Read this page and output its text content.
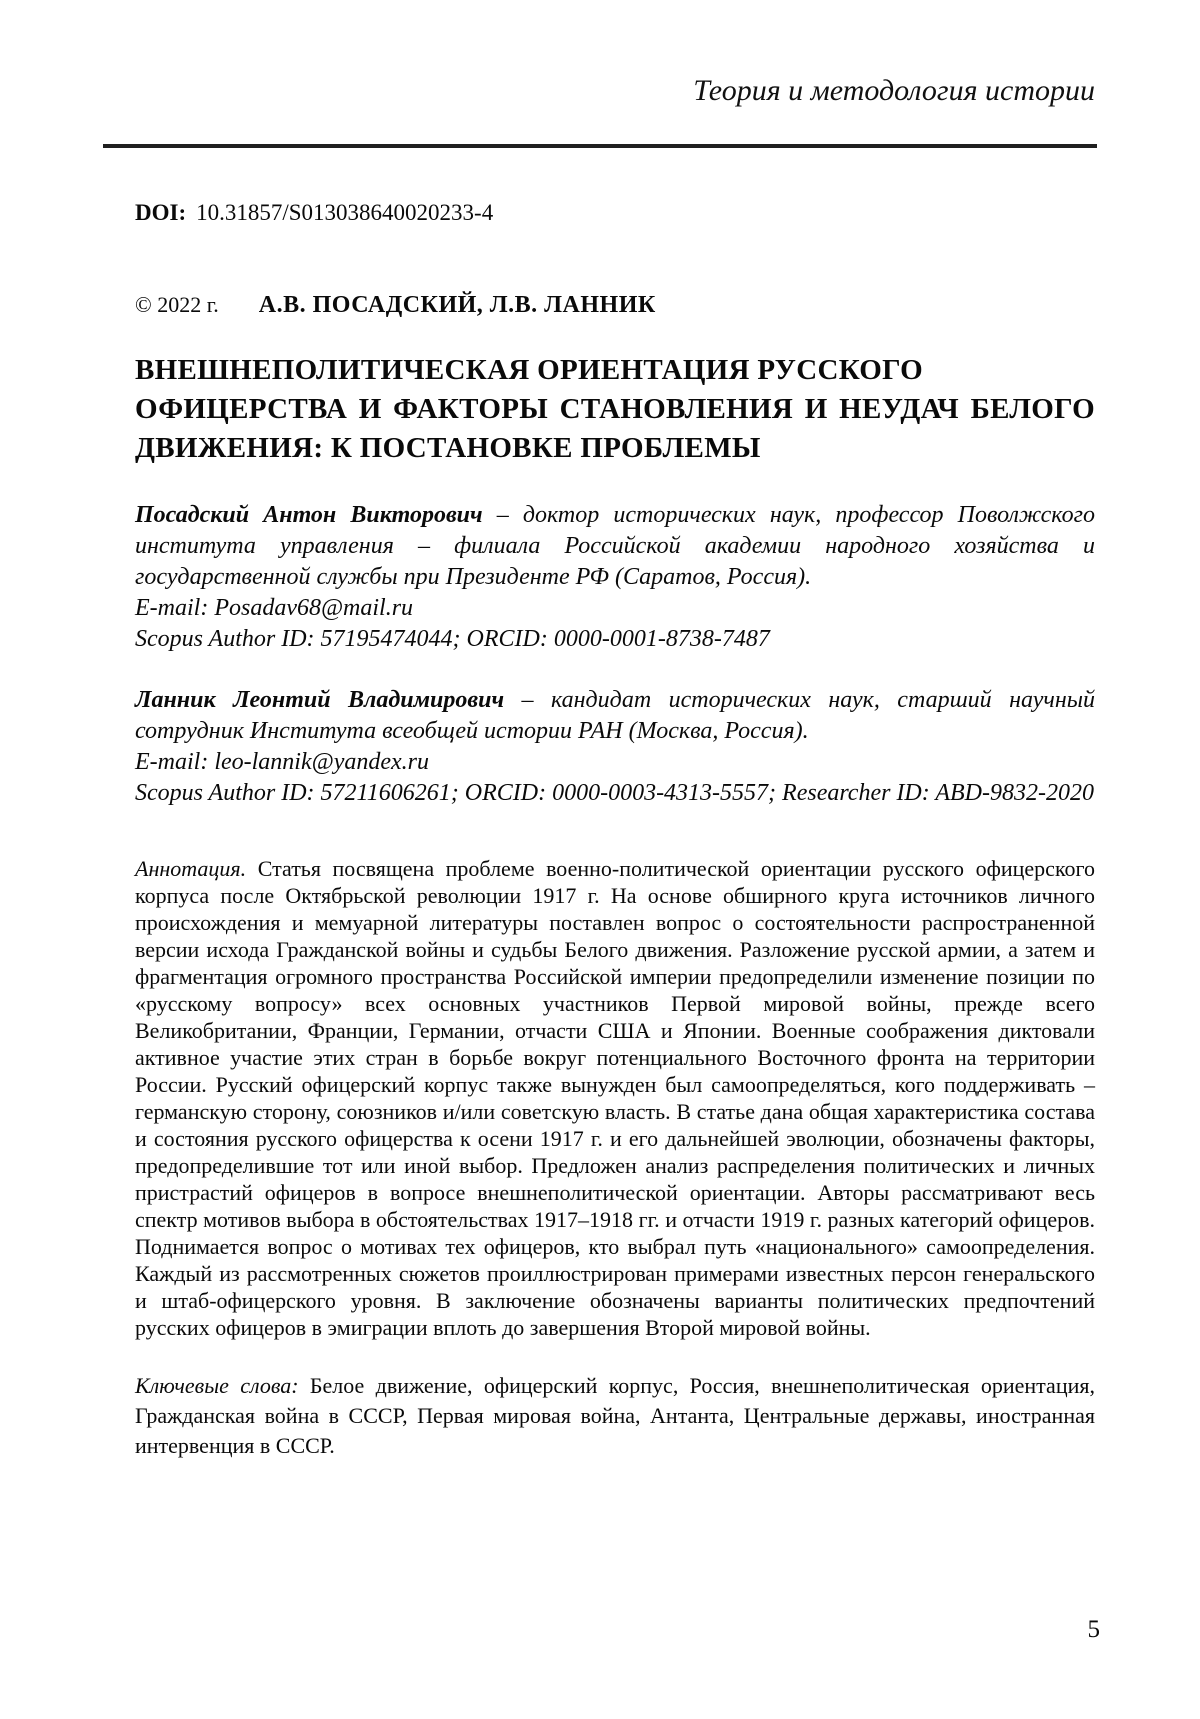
Теория и методология истории

DOI: 10.31857/S013038640020233-4

© 2022 г. А.В. ПОСАДСКИЙ, Л.В. ЛАННИК

ВНЕШНЕПОЛИТИЧЕСКАЯ ОРИЕНТАЦИЯ РУССКОГО
ОФИЦЕРСТВА И ФАКТОРЫ СТАНОВЛЕНИЯ И НЕУДАЧ БЕЛОГО
ДВИЖЕНИЯ: К ПОСТАНОВКЕ ПРОБЛЕМЫ

Посадский Антон Викторович – доктор исторических наук, профессор Поволжского института управления – филиала Российской академии народного хозяйства и государственной службы при Президенте РФ (Саратов, Россия).

E-mail: Posadav68@mail.ru

Scopus Author ID: 57195474044; ORCID: 0000-0001-8738-7487

Ланник Леонтий Владимирович – кандидат исторических наук, старший научный сотрудник Института всеобщей истории РАН (Москва, Россия).

E-mail: leo-lannik@yandex.ru

Scopus Author ID: 57211606261; ORCID: 0000-0003-4313-5557; Researcher ID: ABD-9832-2020

Аннотация. Статья посвящена проблеме военно-политической ориентации русского офицерского корпуса после Октябрьской революции 1917 г. На основе обширного круга источников личного происхождения и мемуарной литературы поставлен вопрос о состоятельности распространенной версии исхода Гражданской войны и судьбы Белого движения. Разложение русской армии, а затем и фрагментация огромного пространства Российской империи предопределили изменение позиции по «русскому вопросу» всех основных участников Первой мировой войны, прежде всего Великобритании, Франции, Германии, отчасти США и Японии. Военные соображения диктовали активное участие этих стран в борьбе вокруг потенциального Восточного фронта на территории России. Русский офицерский корпус также вынужден был самоопределяться, кого поддерживать – германскую сторону, союзников и/или советскую власть. В статье дана общая характеристика состава и состояния русского офицерства к осени 1917 г. и его дальнейшей эволюции, обозначены факторы, предопределившие тот или иной выбор. Предложен анализ распределения политических и личных пристрастий офицеров в вопросе внешнеполитической ориентации. Авторы рассматривают весь спектр мотивов выбора в обстоятельствах 1917–1918 гг. и отчасти 1919 г. разных категорий офицеров. Поднимается вопрос о мотивах тех офицеров, кто выбрал путь «национального» самоопределения. Каждый из рассмотренных сюжетов проиллюстрирован примерами известных персон генеральского и штаб-офицерского уровня. В заключение обозначены варианты политических предпочтений русских офицеров в эмиграции вплоть до завершения Второй мировой войны.

Ключевые слова: Белое движение, офицерский корпус, Россия, внешнеполитическая ориентация, Гражданская война в СССР, Первая мировая война, Антанта, Центральные державы, иностранная интервенция в СССР.

5
